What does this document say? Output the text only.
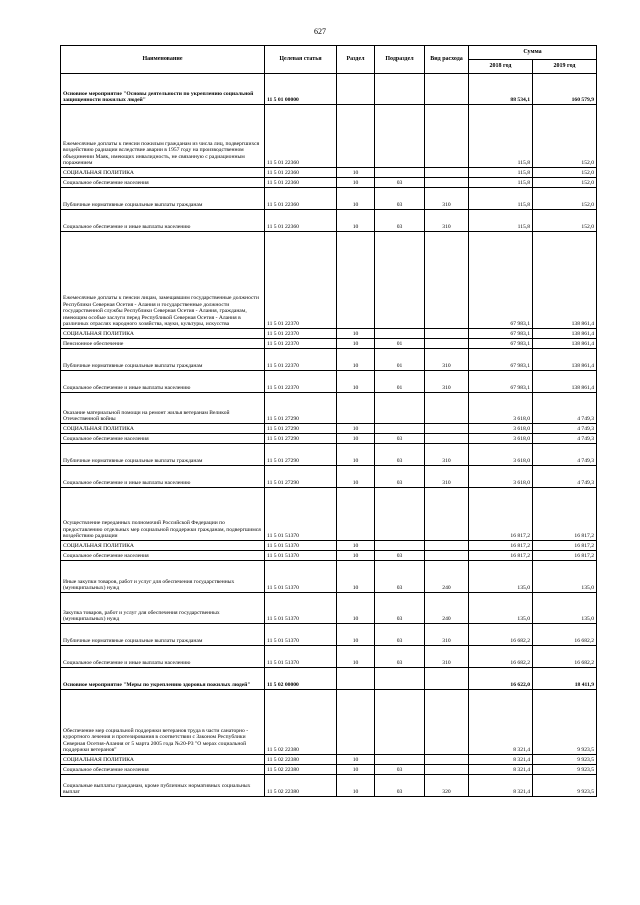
627
Наименование	Целевая статья	Раздел	Подраздел	Вид расхода	Сумма	
					2018 год	2019 год
Основное мероприятие "Основы деятельности по укреплению социальной защищенности пожилых людей"	11 5 01 00000				88 534,1	160 579,9
Ежемесячные доплаты к пенсии пожилым гражданам из числа лиц, подвергшихся воздействию радиации вследствие аварии в 1957 году на производственном объединении Маяк, имеющих инвалидность, не связанную с радиационным поражением	11 5 01 22360				115,8	152,0
СОЦИАЛЬНАЯ ПОЛИТИКА	11 5 01 22360	10			115,8	152,0
Социальное обеспечение населения	11 5 01 22360	10	03		115,8	152,0
Публичные нормативные социальные выплаты гражданам	11 5 01 22360	10	03	310	115,8	152,0
Социальное обеспечение и иные выплаты населению	11 5 01 22360	10	03	310	115,8	152,0
Ежемесячные доплаты к пенсии лицам, замещавшим государственные должности Республики Северная Осетия - Алания и государственные должности государственной службы Республики Северная Осетия - Алания, гражданам, имеющим особые заслуги перед Республикой Северная Осетия - Алания в различных отраслях народного хозяйства, науки, культуры, искусства	11 5 01 22370				67 983,1	138 861,4
СОЦИАЛЬНАЯ ПОЛИТИКА	11 5 01 22370	10			67 983,1	138 861,4
Пенсионное обеспечение	11 5 01 22370	10	01		67 983,1	138 861,4
Публичные нормативные социальные выплаты гражданам	11 5 01 22370	10	01	310	67 983,1	138 861,4
Социальное обеспечение и иные выплаты населению	11 5 01 22370	10	01	310	67 983,1	138 861,4
Оказание материальной помощи на ремонт жилья ветеранам Великой Отечественной войны	11 5 01 27290				3 618,0	4 749,3
СОЦИАЛЬНАЯ ПОЛИТИКА	11 5 01 27290	10			3 618,0	4 749,3
Социальное обеспечение населения	11 5 01 27290	10	03		3 618,0	4 749,3
Публичные нормативные социальные выплаты гражданам	11 5 01 27290	10	03	310	3 618,0	4 749,3
Социальное обеспечение и иные выплаты населению	11 5 01 27290	10	03	310	3 618,0	4 749,3
Осуществление переданных полномочий Российской Федерации по предоставлению отдельных мер социальной поддержки гражданам, подвергшимся воздействию радиации	11 5 01 51370				16 817,2	16 817,2
СОЦИАЛЬНАЯ ПОЛИТИКА	11 5 01 51370	10			16 817,2	16 817,2
Социальное обеспечение населения	11 5 01 51370	10	03		16 817,2	16 817,2
Иные закупки товаров, работ и услуг для обеспечения государственных (муниципальных) нужд	11 5 01 51370	10	03	240	135,0	135,0
Закупка товаров, работ и услуг для обеспечения государственных (муниципальных) нужд	11 5 01 51370	10	03	240	135,0	135,0
Публичные нормативные социальные выплаты гражданам	11 5 01 51370	10	03	310	16 682,2	16 682,2
Социальное обеспечение и иные выплаты населению	11 5 01 51370	10	03	310	16 682,2	16 682,2
Основное мероприятие "Меры по укреплению здоровья пожилых людей"	11 5 02 00000				16 622,0	18 411,9
Обеспечение мер социальной поддержки ветеранов труда в части санаторно - курортного лечения и протезирования в соответствии с Законом Республики Северная Осетия-Алания от 5 марта 2005 года №20-РЗ "О мерах социальной поддержки ветеранов"	11 5 02 22380				8 321,4	9 923,5
СОЦИАЛЬНАЯ ПОЛИТИКА	11 5 02 22380	10			8 321,4	9 923,5
Социальное обеспечение населения	11 5 02 22380	10	03		8 321,4	9 923,5
Социальные выплаты гражданам, кроме публичных нормативных социальных выплат	11 5 02 22380	10	03	320	8 321,4	9 923,5
